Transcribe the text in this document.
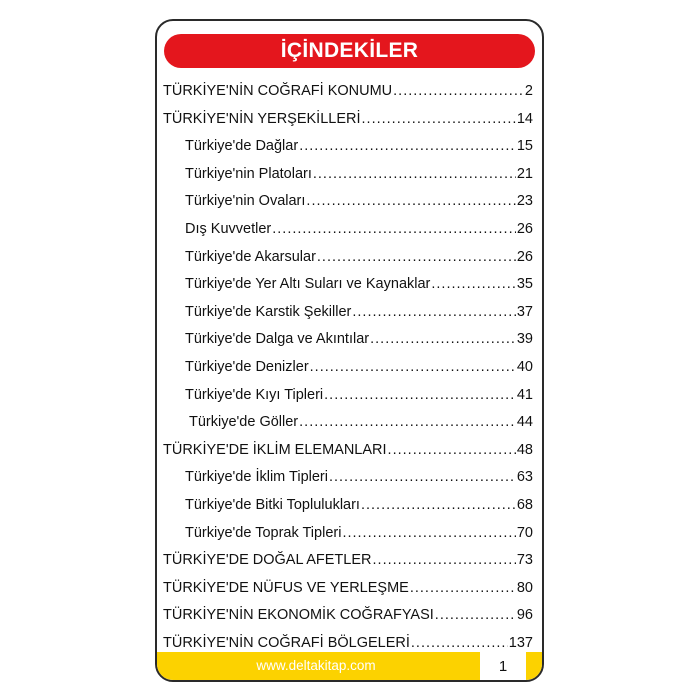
İÇİNDEKİLER
TÜRKİYE'NİN COĞRAFİ KONUMU .....	2
TÜRKİYE'NİN YERŞEKİLLERİ .....	14
Türkiye'de Dağlar .....	15
Türkiye'nin Platoları .....	21
Türkiye'nin Ovaları .....	23
Dış Kuvvetler .....	26
Türkiye'de Akarsular .....	26
Türkiye'de Yer Altı Suları ve Kaynaklar .....	35
Türkiye'de Karstik Şekiller .....	37
Türkiye'de Dalga ve Akıntılar .....	39
Türkiye'de Denizler .....	40
Türkiye'de Kıyı Tipleri .....	41
Türkiye'de Göller .....	44
TÜRKİYE'DE İKLİM ELEMANLARI .....	48
Türkiye'de İklim Tipleri .....	63
Türkiye'de Bitki Toplulukları .....	68
Türkiye'de Toprak Tipleri .....	70
TÜRKİYE'DE DOĞAL AFETLER .....	73
TÜRKİYE'DE NÜFUS VE YERLEŞME .....	80
TÜRKİYE'NİN EKONOMİK COĞRAFYASI .....	96
TÜRKİYE'NİN COĞRAFİ BÖLGELERİ .....	137
www.deltakitap.com	1
